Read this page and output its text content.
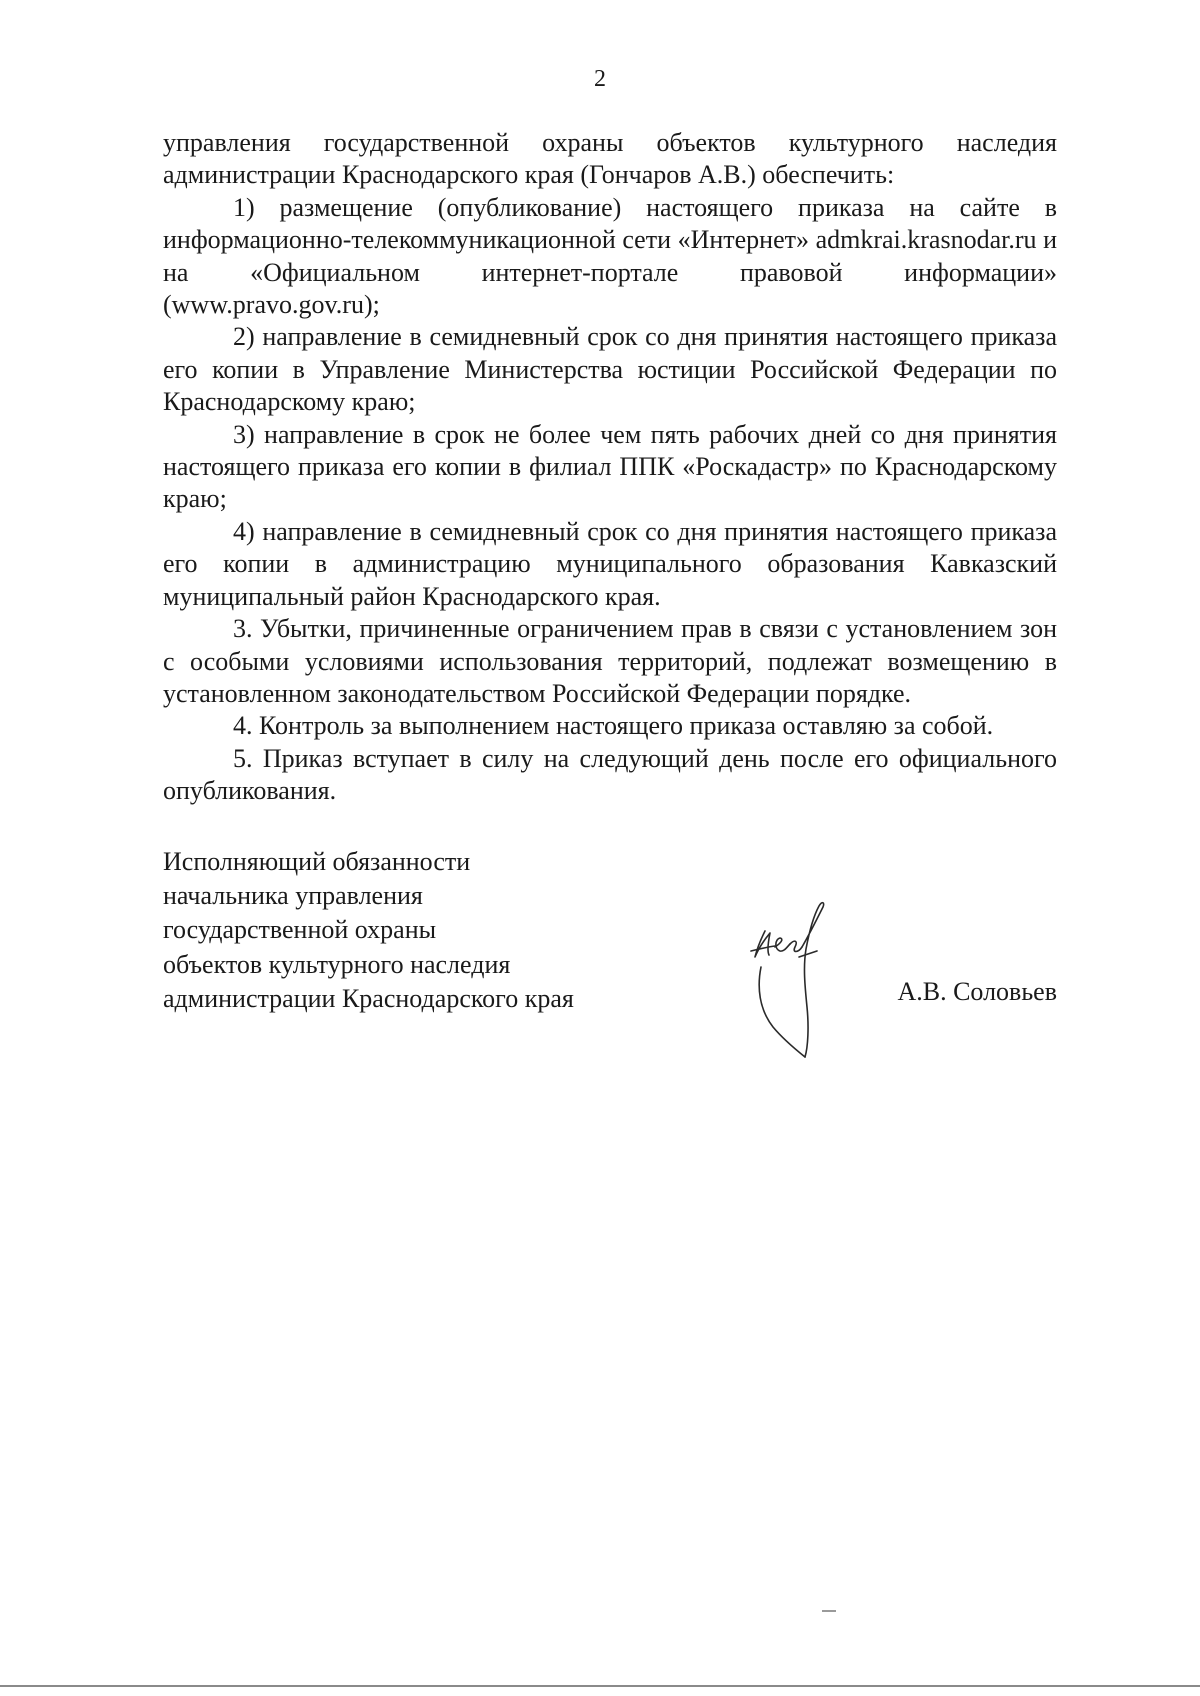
2

управления государственной охраны объектов культурного наследия администрации Краснодарского края (Гончаров А.В.) обеспечить:

1) размещение (опубликование) настоящего приказа на сайте в информационно-телекоммуникационной сети «Интернет» admkrai.krasnodar.ru и на «Официальном интернет-портале правовой информации» (www.pravo.gov.ru);

2) направление в семидневный срок со дня принятия настоящего приказа его копии в Управление Министерства юстиции Российской Федерации по Краснодарскому краю;

3) направление в срок не более чем пять рабочих дней со дня принятия настоящего приказа его копии в филиал ППК «Роскадастр» по Краснодарскому краю;

4) направление в семидневный срок со дня принятия настоящего приказа его копии в администрацию муниципального образования Кавказский муниципальный район Краснодарского края.

3. Убытки, причиненные ограничением прав в связи с установлением зон с особыми условиями использования территорий, подлежат возмещению в установленном законодательством Российской Федерации порядке.

4. Контроль за выполнением настоящего приказа оставляю за собой.

5. Приказ вступает в силу на следующий день после его официального опубликования.

Исполняющий обязанности
начальника управления
государственной охраны
объектов культурного наследия
администрации Краснодарского края	А.В. Соловьев
